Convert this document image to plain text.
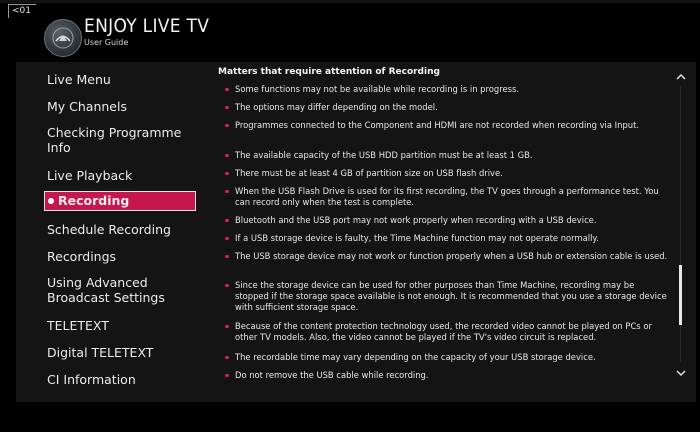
<01
ENJOY LIVE TV
User Guide
Live Menu
My Channels
Checking Programme Info
Live Playback
Recording
Schedule Recording
Recordings
Using Advanced Broadcast Settings
TELETEXT
Digital TELETEXT
CI Information
Matters that require attention of Recording
Some functions may not be available while recording is in progress.
The options may differ depending on the model.
Programmes connected to the Component and HDMI are not recorded when recording via Input.
The available capacity of the USB HDD partition must be at least 1 GB.
There must be at least 4 GB of partition size on USB flash drive.
When the USB Flash Drive is used for its first recording, the TV goes through a performance test. You can record only when the test is complete.
Bluetooth and the USB port may not work properly when recording with a USB device.
If a USB storage device is faulty, the Time Machine function may not operate normally.
The USB storage device may not work or function properly when a USB hub or extension cable is used.
Since the storage device can be used for other purposes than Time Machine, recording may be stopped if the storage space available is not enough. It is recommended that you use a storage device with sufficient storage space.
Because of the content protection technology used, the recorded video cannot be played on PCs or other TV models. Also, the video cannot be played if the TV's video circuit is replaced.
The recordable time may vary depending on the capacity of your USB storage device.
Do not remove the USB cable while recording.
